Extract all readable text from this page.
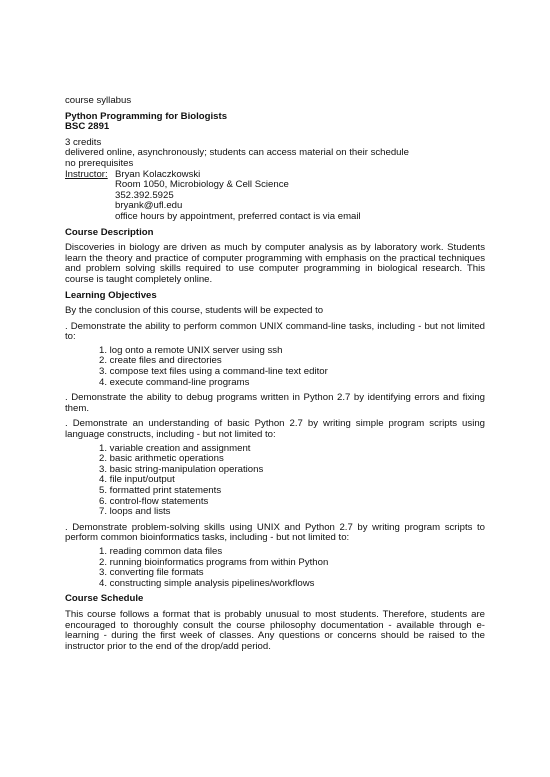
course syllabus

Python Programming for Biologists

BSC 2891

3 credits

delivered online, asynchronously; students can access material on their schedule

no prerequisites

Instructor: Bryan Kolaczkowski

Room 1050, Microbiology & Cell Science

352.392.5925

bryank@ufl.edu

office hours by appointment, preferred contact is via email

Course Description

Discoveries in biology are driven as much by computer analysis as by laboratory work. Students learn the theory and practice of computer programming with emphasis on the practical techniques and problem solving skills required to use computer programming in biological research. This course is taught completely online.

Learning Objectives

By the conclusion of this course, students will be expected to

. Demonstrate the ability to perform common UNIX command-line tasks, including - but not limited to:

1. log onto a remote UNIX server using ssh
2. create files and directories
3. compose text files using a command-line text editor
4. execute command-line programs

. Demonstrate the ability to debug programs written in Python 2.7 by identifying errors and fixing them.

. Demonstrate an understanding of basic Python 2.7 by writing simple program scripts using language constructs, including - but not limited to:

1. variable creation and assignment
2. basic arithmetic operations
3. basic string-manipulation operations
4. file input/output
5. formatted print statements
6. control-flow statements
7. loops and lists

. Demonstrate problem-solving skills using UNIX and Python 2.7 by writing program scripts to perform common bioinformatics tasks, including - but not limited to:

1. reading common data files
2. running bioinformatics programs from within Python
3. converting file formats
4. constructing simple analysis pipelines/workflows

Course Schedule

This course follows a format that is probably unusual to most students. Therefore, students are encouraged to thoroughly consult the course philosophy documentation - available through e-learning - during the first week of classes. Any questions or concerns should be raised to the instructor prior to the end of the drop/add period.
